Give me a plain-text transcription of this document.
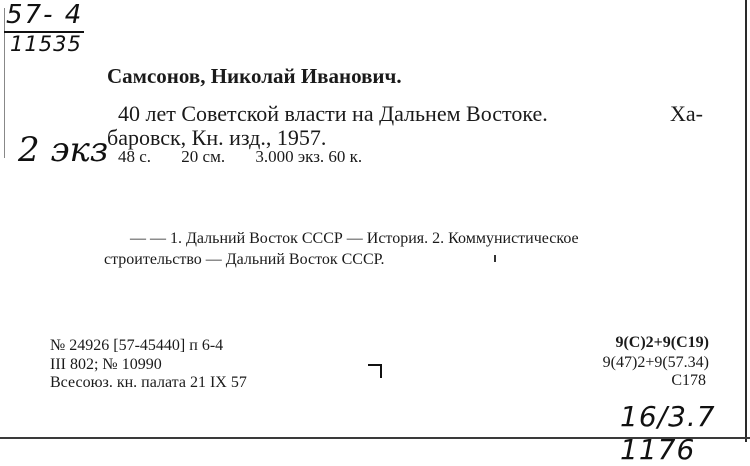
57- 4
11535
2 экз
Самсонов, Николай Иванович.
40 лет Советской власти на Дальнем Востоке.	Ха-
баровск, Кн. изд., 1957.
48 с. 20 см. 3.000 экз. 60 к.
— — 1. Дальний Восток СССР — История. 2. Коммунистическое
строительство — Дальний Восток СССР.
№ 24926 [57-45440] п 6-4
III 802; № 10990
Всесоюз. кн. палата 21 IX 57
9(С)2+9(С19)
9(47)2+9(57.34)
С178
16/3.7 1176
